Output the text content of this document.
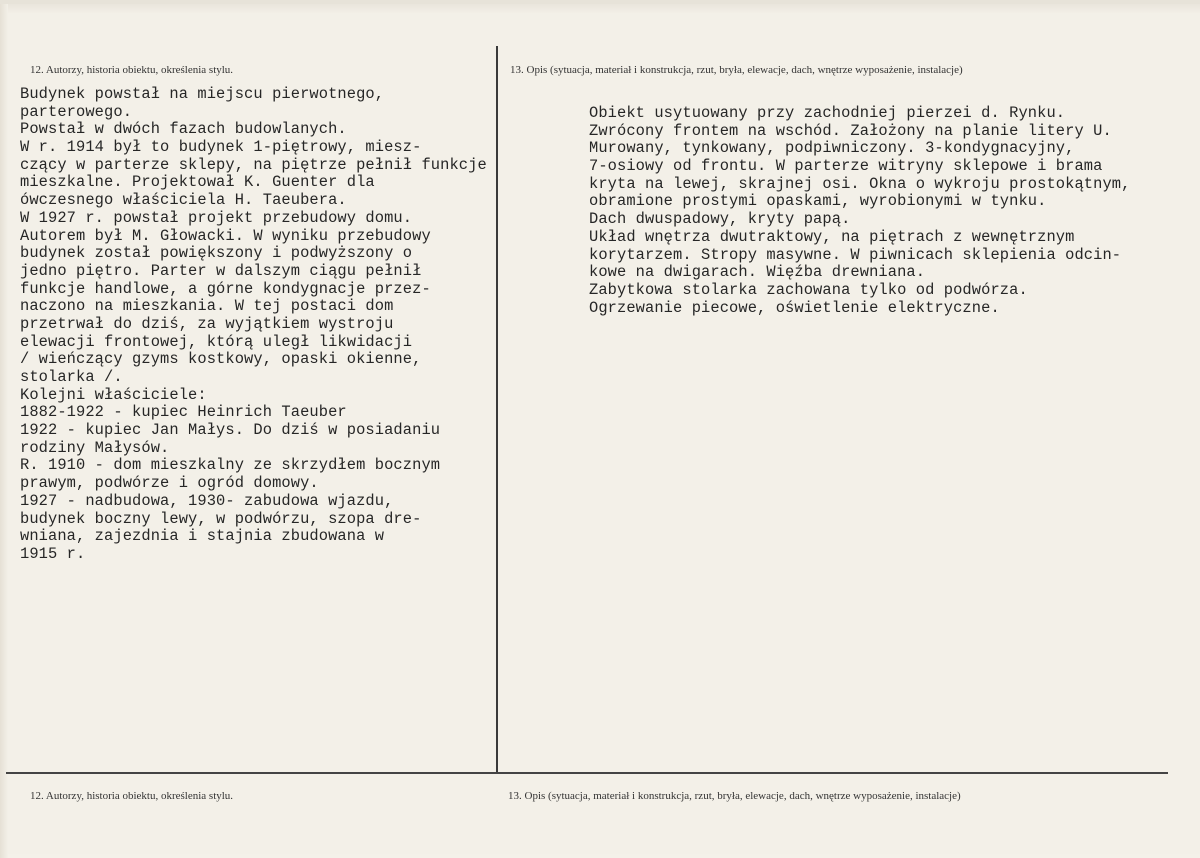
12. Autorzy, historia obiektu, określenia stylu.	13. Opis (sytuacja, materiał i konstrukcja, rzut, bryła, elewacje, dach, wnętrze wyposażenie, instalacje)
Budynek powstał na miejscu pierwotnego,
parterowego.
Powstał w dwóch fazach budowlanych.
W r. 1914 był to budynek 1-piętrowy, miesz-
czący w parterze sklepy, na piętrze pełnił funkcje
mieszkalne. Projektował K. Guenter dla
ówczesnego właściciela H. Taeubera.
W 1927 r. powstał projekt przebudowy domu.
Autorem był M. Głowacki. W wyniku przebudowy
budynek został powiększony i podwyższony o
jedno piętro. Parter w dalszym ciągu pełnił
funkcje handlowe, a górne kondygnacje przez-
naczono na mieszkania. W tej postaci dom
przetrwał do dziś, za wyjątkiem wystroju
elewacji frontowej, którą uległ likwidacji
/ wieńczący gzyms kostkowy, opaski okienne,
stolarka /.
Kolejni właściciele:
1882-1922 - kupiec Heinrich Taeuber
1922 - kupiec Jan Małys. Do dziś w posiadaniu
rodziny Małysów.
R. 1910 - dom mieszkalny ze skrzydłem bocznym
prawym, podwórze i ogród domowy.
1927 - nadbudowa, 1930- zabudowa wjazdu,
budynek boczny lewy, w podwórzu, szopa dre-
wniana, zajezdnia i stajnia zbudowana w
1915 r.
Obiekt usytuowany przy zachodniej pierzei d. Rynku.
Zwrócony frontem na wschód. Założony na planie litery U.
Murowany, tynkowany, podpiwniczony. 3-kondygnacyjny,
7-osiowy od frontu. W parterze witryny sklepowe i brama
kryta na lewej, skrajnej osi. Okna o wykroju prostokątnym,
obramione prostymi opaskami, wyrobionymi w tynku.
Dach dwuspadowy, kryty papą.
Układ wnętrza dwutraktowy, na piętrach z wewnętrznym
korytarzem. Stropy masywne. W piwnicach sklepienia odcin-
kowe na dwigarach. Więźba drewniana.
Zabytkowa stolarka zachowana tylko od podwórza.
Ogrzewanie piecowe, oświetlenie elektryczne.
12. Autorzy, historia obiektu, określenia stylu.	13. Opis (sytuacja, materiał i konstrukcja, rzut, bryła, elewacje, dach, wnętrze wyposażenie, instalacje)
